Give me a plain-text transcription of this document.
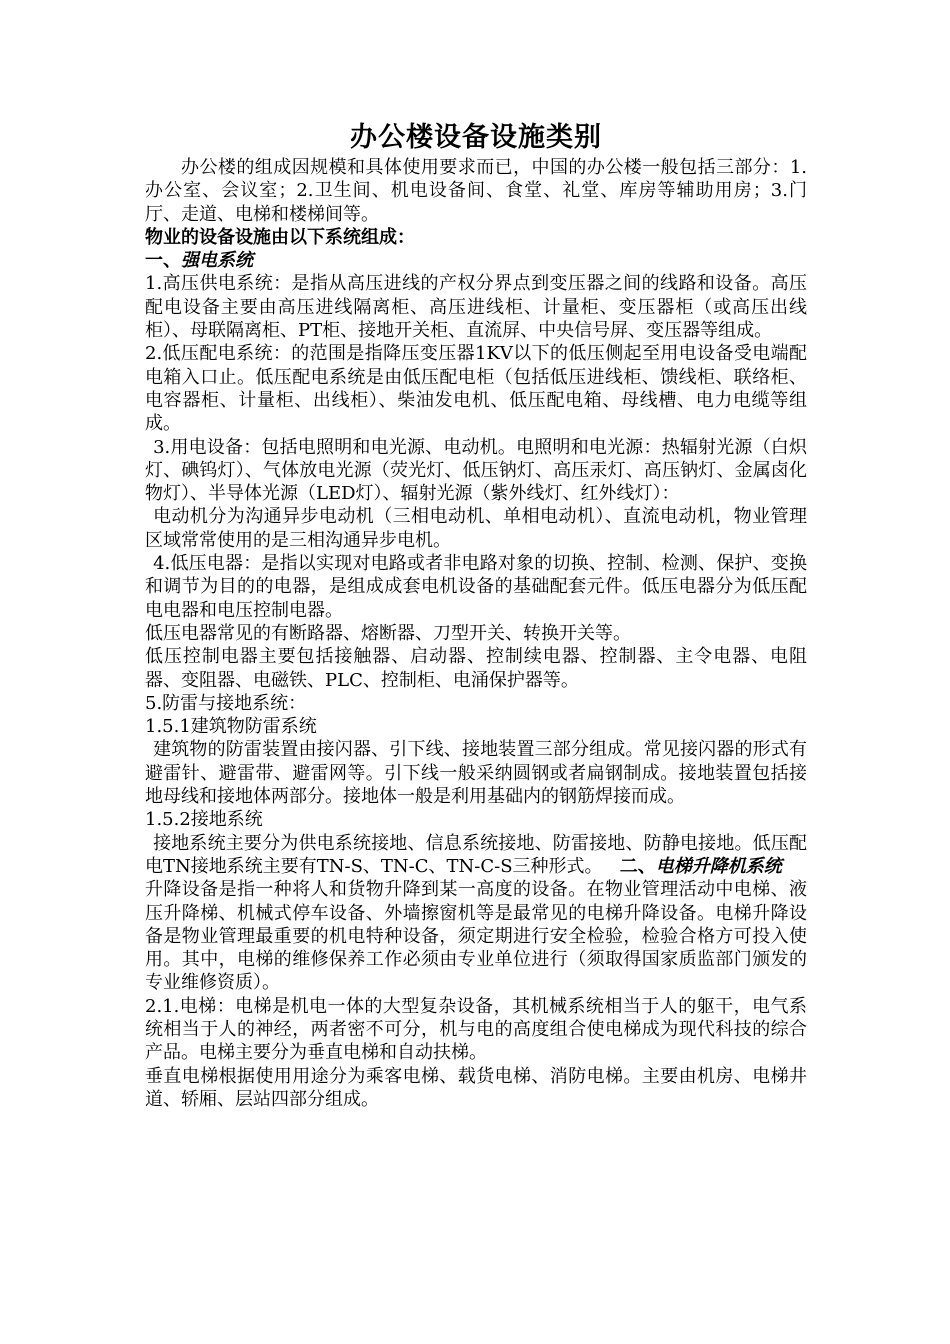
办公楼设备设施类别

办公楼的组成因规模和具体使用要求而已，中国的办公楼一般包括三部分：1.办公室、会议室；2.卫生间、机电设备间、食堂、礼堂、库房等辅助用房；3.门厅、走道、电梯和楼梯间等。

物业的设备设施由以下系统组成：

一、强电系统

1.高压供电系统：是指从高压进线的产权分界点到变压器之间的线路和设备。高压配电设备主要由高压进线隔离柜、高压进线柜、计量柜、变压器柜（或高压出线柜）、母联隔离柜、PT柜、接地开关柜、直流屏、中央信号屏、变压器等组成。

2.低压配电系统：的范围是指降压变压器1KV以下的低压侧起至用电设备受电端配电箱入口止。低压配电系统是由低压配电柜（包括低压进线柜、馈线柜、联络柜、电容器柜、计量柜、出线柜）、柴油发电机、低压配电箱、母线槽、电力电缆等组成。

3.用电设备：包括电照明和电光源、电动机。电照明和电光源：热辐射光源（白炽灯、碘钨灯）、气体放电光源（荧光灯、低压钠灯、高压汞灯、高压钠灯、金属卤化物灯）、半导体光源（LED灯）、辐射光源（紫外线灯、红外线灯）：

电动机分为沟通异步电动机（三相电动机、单相电动机）、直流电动机，物业管理区域常常使用的是三相沟通异步电机。

4.低压电器：是指以实现对电路或者非电路对象的切换、控制、检测、保护、变换和调节为目的的电器，是组成成套电机设备的基础配套元件。低压电器分为低压配电电器和电压控制电器。

低压电器常见的有断路器、熔断器、刀型开关、转换开关等。

低压控制电器主要包括接触器、启动器、控制续电器、控制器、主令电器、电阻器、变阻器、电磁铁、PLC、控制柜、电涌保护器等。

5.防雷与接地系统：

1.5.1建筑物防雷系统

建筑物的防雷装置由接闪器、引下线、接地装置三部分组成。常见接闪器的形式有避雷针、避雷带、避雷网等。引下线一般采纳圆钢或者扁钢制成。接地装置包括接地母线和接地体两部分。接地体一般是利用基础内的钢筋焊接而成。

1.5.2接地系统

接地系统主要分为供电系统接地、信息系统接地、防雷接地、防静电接地。低压配电TN接地系统主要有TN-S、TN-C、TN-C-S三种形式。 二、电梯升降机系统

升降设备是指一种将人和货物升降到某一高度的设备。在物业管理活动中电梯、液压升降梯、机械式停车设备、外墙擦窗机等是最常见的电梯升降设备。电梯升降设备是物业管理最重要的机电特种设备，须定期进行安全检验，检验合格方可投入使用。其中，电梯的维修保养工作必须由专业单位进行（须取得国家质监部门颁发的专业维修资质）。

2.1.电梯：电梯是机电一体的大型复杂设备，其机械系统相当于人的躯干，电气系统相当于人的神经，两者密不可分，机与电的高度组合使电梯成为现代科技的综合产品。电梯主要分为垂直电梯和自动扶梯。

垂直电梯根据使用用途分为乘客电梯、载货电梯、消防电梯。主要由机房、电梯井道、轿厢、层站四部分组成。
